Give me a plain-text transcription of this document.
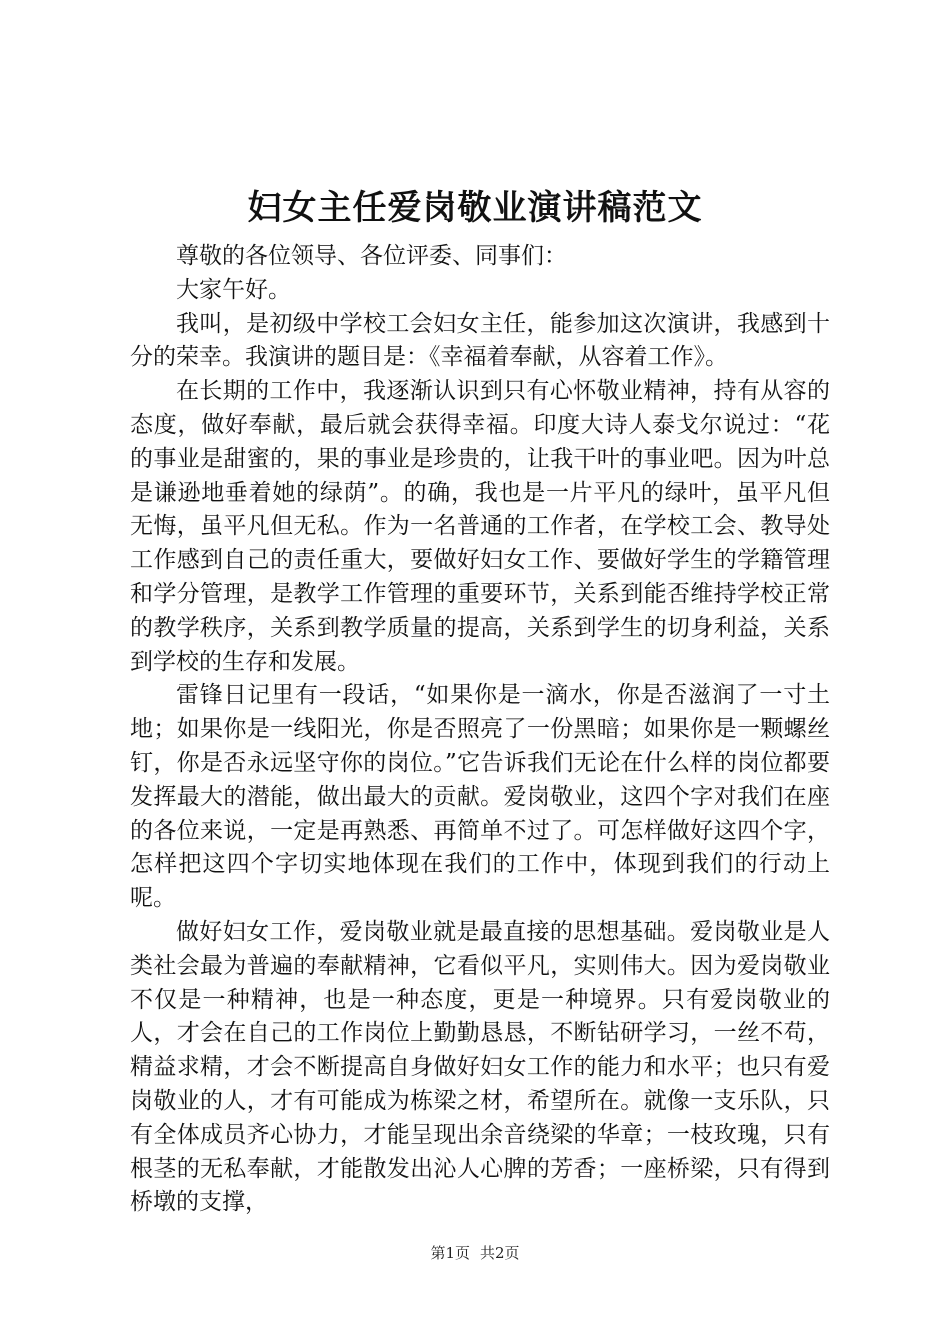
妇女主任爱岗敬业演讲稿范文

尊敬的各位领导、各位评委、同事们：

大家午好。

我叫，是初级中学校工会妇女主任，能参加这次演讲，我感到十分的荣幸。我演讲的题目是：《幸福着奉献，从容着工作》。

在长期的工作中，我逐渐认识到只有心怀敬业精神，持有从容的态度，做好奉献，最后就会获得幸福。印度大诗人泰戈尔说过：“花的事业是甜蜜的，果的事业是珍贵的，让我干叶的事业吧。因为叶总是谦逊地垂着她的绿荫”。的确，我也是一片平凡的绿叶，虽平凡但无悔，虽平凡但无私。作为一名普通的工作者，在学校工会、教导处工作感到自己的责任重大，要做好妇女工作、要做好学生的学籍管理和学分管理，是教学工作管理的重要环节，关系到能否维持学校正常的教学秩序，关系到教学质量的提高，关系到学生的切身利益，关系到学校的生存和发展。

雷锋日记里有一段话，“如果你是一滴水，你是否滋润了一寸土地；如果你是一线阳光，你是否照亮了一份黑暗；如果你是一颗螺丝钉，你是否永远坚守你的岗位。”它告诉我们无论在什么样的岗位都要发挥最大的潜能，做出最大的贡献。爱岗敬业，这四个字对我们在座的各位来说，一定是再熟悉、再简单不过了。可怎样做好这四个字，怎样把这四个字切实地体现在我们的工作中，体现到我们的行动上呢。

做好妇女工作，爱岗敬业就是最直接的思想基础。爱岗敬业是人类社会最为普遍的奉献精神，它看似平凡，实则伟大。因为爱岗敬业不仅是一种精神，也是一种态度，更是一种境界。只有爱岗敬业的人，才会在自己的工作岗位上勤勤恳恳，不断钻研学习，一丝不苟，精益求精，才会不断提高自身做好妇女工作的能力和水平；也只有爱岗敬业的人，才有可能成为栋梁之材，希望所在。就像一支乐队，只有全体成员齐心协力，才能呈现出余音绕梁的华章；一枝玫瑰，只有根茎的无私奉献，才能散发出沁人心脾的芳香；一座桥梁，只有得到桥墩的支撑，

第1页 共2页
